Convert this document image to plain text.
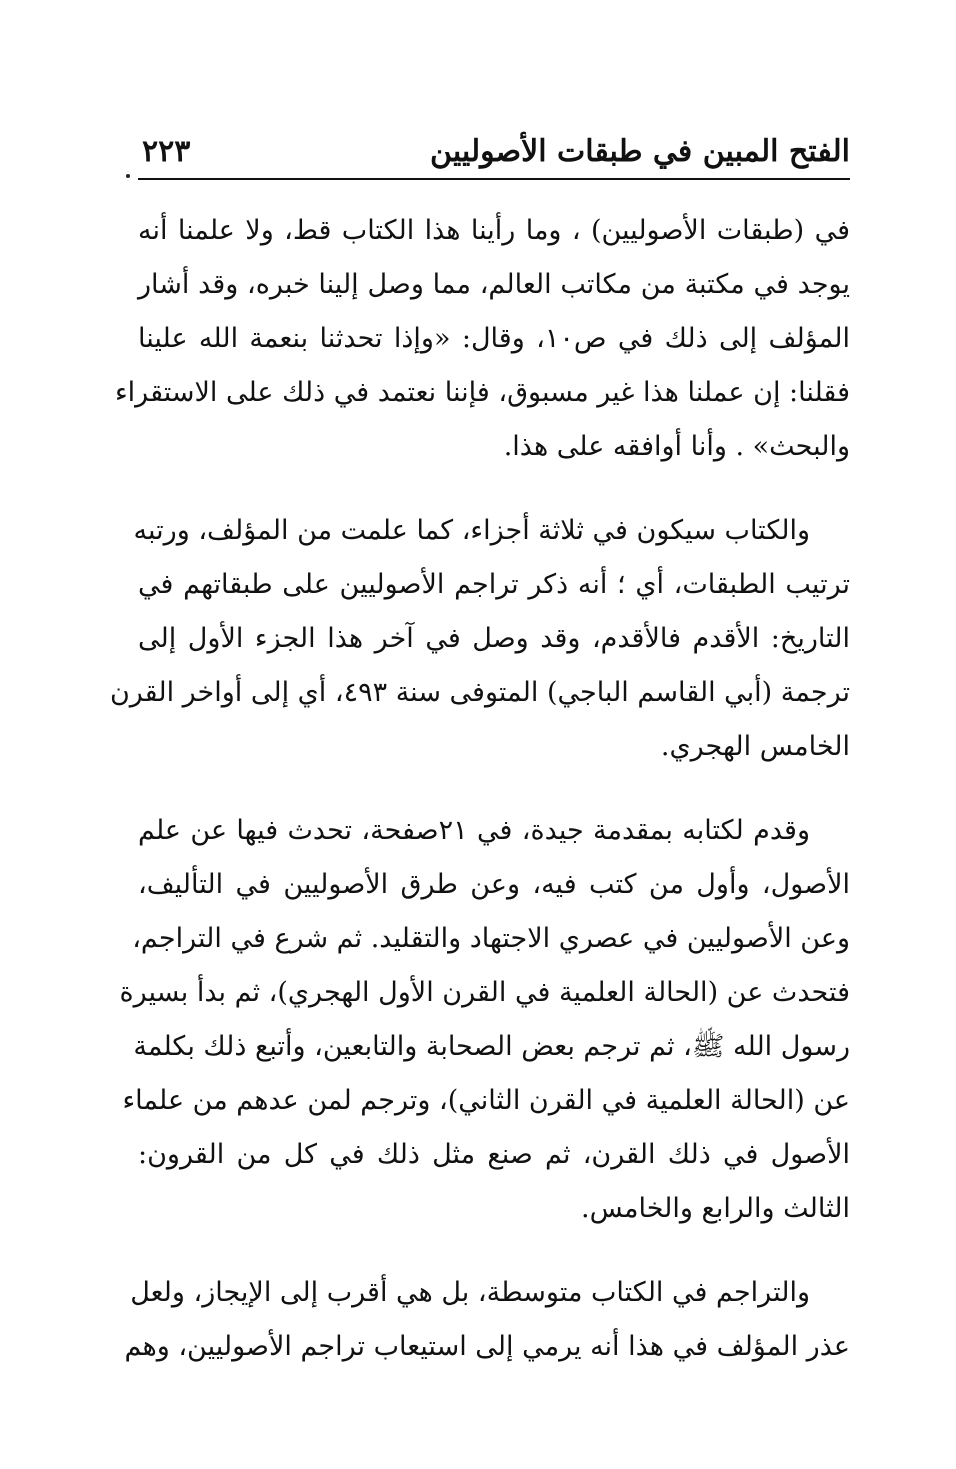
الفتح المبين في طبقات الأصوليين
٢٢٣
في (طبقات الأصوليين) ، وما رأينا هذا الكتاب قط، ولا علمنا أنه
يوجد في مكتبة من مكاتب العالم، مما وصل إلينا خبره، وقد أشار
المؤلف إلى ذلك في ص١٠، وقال: «وإذا تحدثنا بنعمة الله علينا
فقلنا: إن عملنا هذا غير مسبوق، فإننا نعتمد في ذلك على الاستقراء
والبحث» . وأنا أوافقه على هذا.
والكتاب سيكون في ثلاثة أجزاء، كما علمت من المؤلف، ورتبه
ترتيب الطبقات، أي ؛ أنه ذكر تراجم الأصوليين على طبقاتهم في
التاريخ: الأقدم فالأقدم، وقد وصل في آخر هذا الجزء الأول إلى
ترجمة (أبي القاسم الباجي) المتوفى سنة ٤٩٣، أي إلى أواخر القرن
الخامس الهجري.
وقدم لكتابه بمقدمة جيدة، في ٢١صفحة، تحدث فيها عن علم
الأصول، وأول من كتب فيه، وعن طرق الأصوليين في التأليف،
وعن الأصوليين في عصري الاجتهاد والتقليد. ثم شرع في التراجم،
فتحدث عن (الحالة العلمية في القرن الأول الهجري)، ثم بدأ بسيرة
رسول الله ﷺ، ثم ترجم بعض الصحابة والتابعين، وأتبع ذلك بكلمة
عن (الحالة العلمية في القرن الثاني)، وترجم لمن عدهم من علماء
الأصول في ذلك القرن، ثم صنع مثل ذلك في كل من القرون:
الثالث والرابع والخامس.
والتراجم في الكتاب متوسطة، بل هي أقرب إلى الإيجاز، ولعل
عذر المؤلف في هذا أنه يرمي إلى استيعاب تراجم الأصوليين، وهم
